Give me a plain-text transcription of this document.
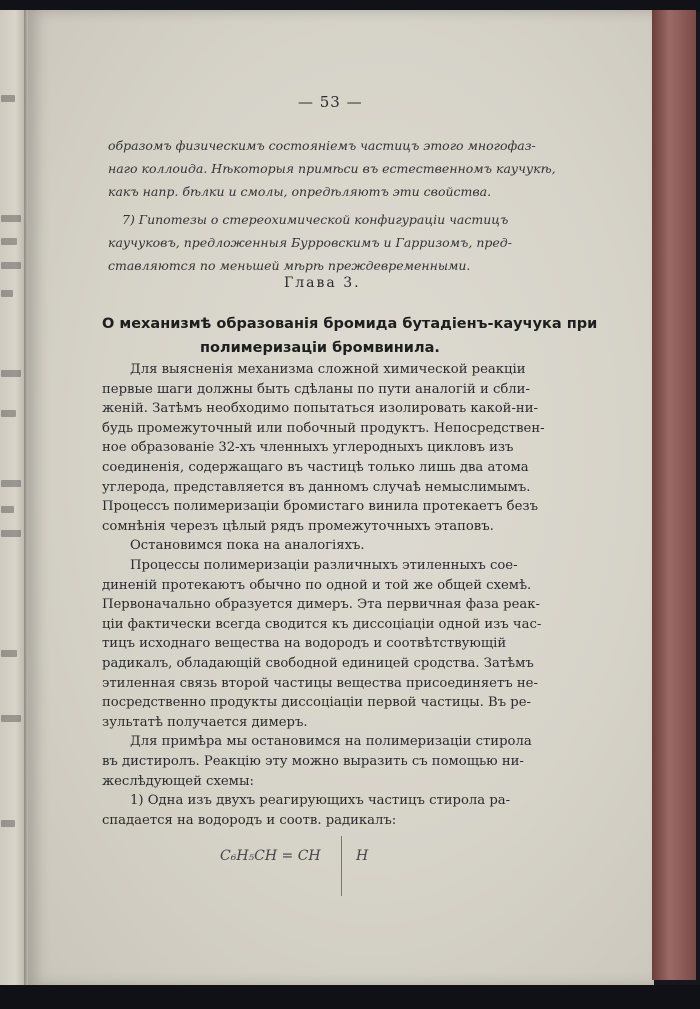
— 53 —
образомъ физическимъ состояніемъ частицъ этого многофаз-
наго коллоида. Нѣкоторыя примѣси въ естественномъ каучукѣ,
какъ напр. бѣлки и смолы, опредѣляютъ эти свойства.
7) Гипотезы о стереохимической конфигураціи частицъ
каучуковъ, предложенныя Бурровскимъ и Гарризомъ, пред-
ставляются по меньшей мѣрѣ преждевременными.
Глава 3.
О механизмѣ образованія бромида бутадіенъ-каучука при
полимеризаціи бромвинила.
Для выясненія механизма сложной химической реакціи
первые шаги должны быть сдѣланы по пути аналогій и сбли-
женій. Затѣмъ необходимо попытаться изолировать какой-ни-
будь промежуточный или побочный продуктъ. Непосредствен-
ное образованіе 32-хъ членныхъ углеродныхъ цикловъ изъ
соединенія, содержащаго въ частицѣ только лишь два атома
углерода, представляется въ данномъ случаѣ немыслимымъ.
Процессъ полимеризаціи бромистаго винила протекаетъ безъ
сомнѣнія черезъ цѣлый рядъ промежуточныхъ этаповъ.
Остановимся пока на аналогіяхъ.
Процессы полимеризаціи различныхъ этиленныхъ сое-
диненій протекаютъ обычно по одной и той же общей схемѣ.
Первоначально образуется димеръ. Эта первичная фаза реак-
ціи фактически всегда сводится къ диссоціаціи одной изъ час-
тицъ исходнаго вещества на водородъ и соотвѣтствующій
радикалъ, обладающій свободной единицей сродства. Затѣмъ
этиленная связь второй частицы вещества присоединяетъ не-
посредственно продукты диссоціаціи первой частицы. Въ ре-
зультатѣ получается димеръ.
Для примѣра мы остановимся на полимеризаціи стирола
въ дистиролъ. Реакцію эту можно выразить съ помощью ни-
жеслѣдующей схемы:
1) Одна изъ двухъ реагирующихъ частицъ стирола ра-
спадается на водородъ и соотв. радикалъ:
C₆H₅CH = CH	H
